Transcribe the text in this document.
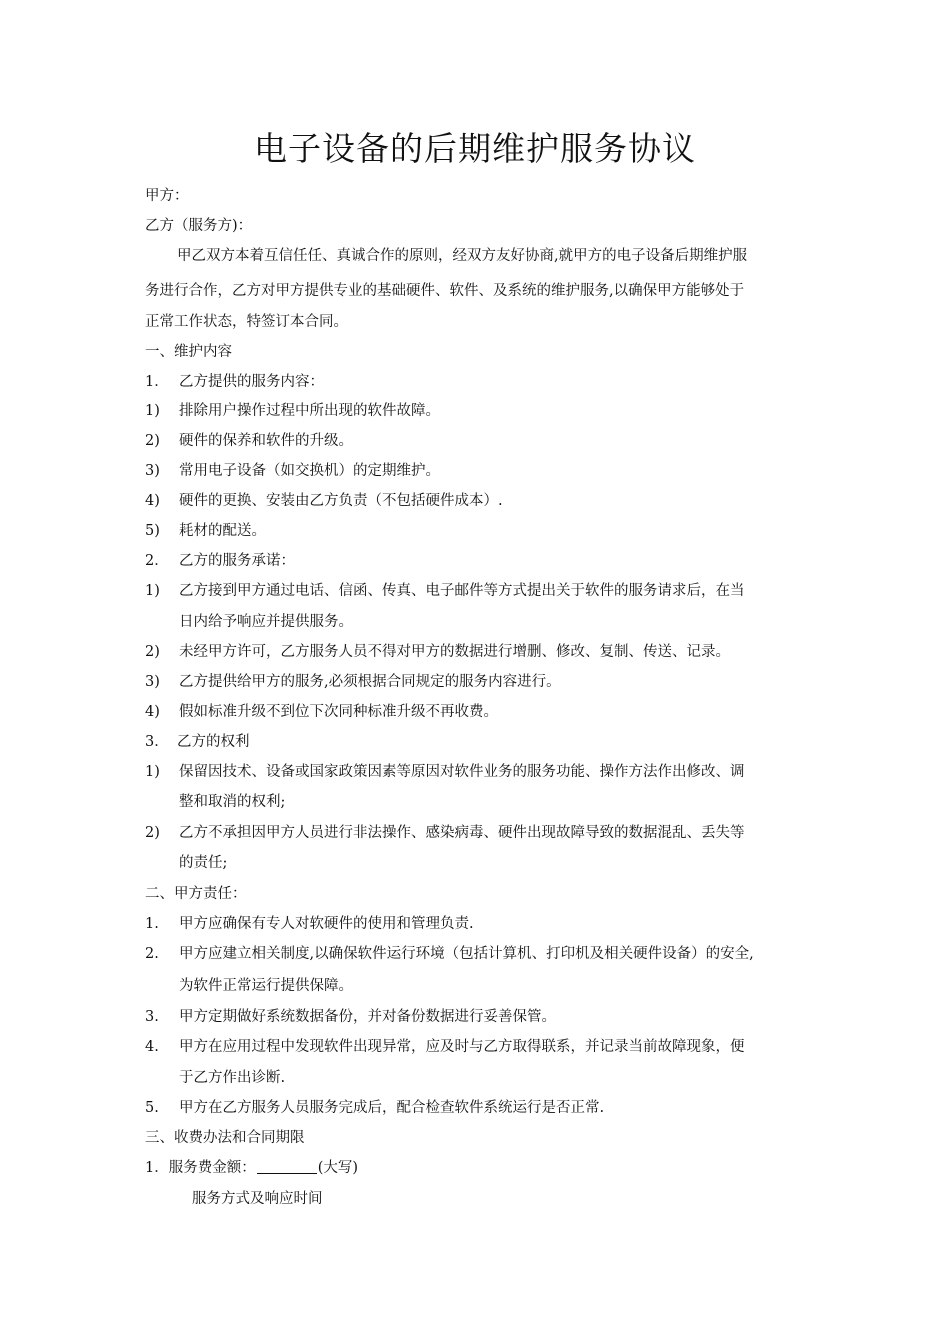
电子设备的后期维护服务协议
甲方：
乙方（服务方)：
甲乙双方本着互信任任、真诚合作的原则，经双方友好协商,就甲方的电子设备后期维护服
务进行合作，乙方对甲方提供专业的基础硬件、软件、及系统的维护服务,以确保甲方能够处于
正常工作状态，特签订本合同。
一、维护内容
1． 乙方提供的服务内容：
1) 排除用户操作过程中所出现的软件故障。
2) 硬件的保养和软件的升级。
3) 常用电子设备（如交换机）的定期维护。
4) 硬件的更换、安装由乙方负责（不包括硬件成本）.
5) 耗材的配送。
2． 乙方的服务承诺：
1) 乙方接到甲方通过电话、信函、传真、电子邮件等方式提出关于软件的服务请求后，在当
日内给予响应并提供服务。
2) 未经甲方许可，乙方服务人员不得对甲方的数据进行增删、修改、复制、传送、记录。
3) 乙方提供给甲方的服务,必须根据合同规定的服务内容进行。
4) 假如标准升级不到位下次同种标准升级不再收费。
3． 乙方的权利
1) 保留因技术、设备或国家政策因素等原因对软件业务的服务功能、操作方法作出修改、调
整和取消的权利;
2) 乙方不承担因甲方人员进行非法操作、感染病毒、硬件出现故障导致的数据混乱、丢失等
的责任;
二、甲方责任：
1. 甲方应确保有专人对软硬件的使用和管理负责.
2. 甲方应建立相关制度,以确保软件运行环境（包括计算机、打印机及相关硬件设备）的安全,
为软件正常运行提供保障。
3. 甲方定期做好系统数据备份，并对备份数据进行妥善保管。
4. 甲方在应用过程中发现软件出现异常，应及时与乙方取得联系，并记录当前故障现象，便
于乙方作出诊断.
5. 甲方在乙方服务人员服务完成后，配合检查软件系统运行是否正常.
三、收费办法和合同期限
1．服务费金额：	(大写)
服务方式及响应时间
